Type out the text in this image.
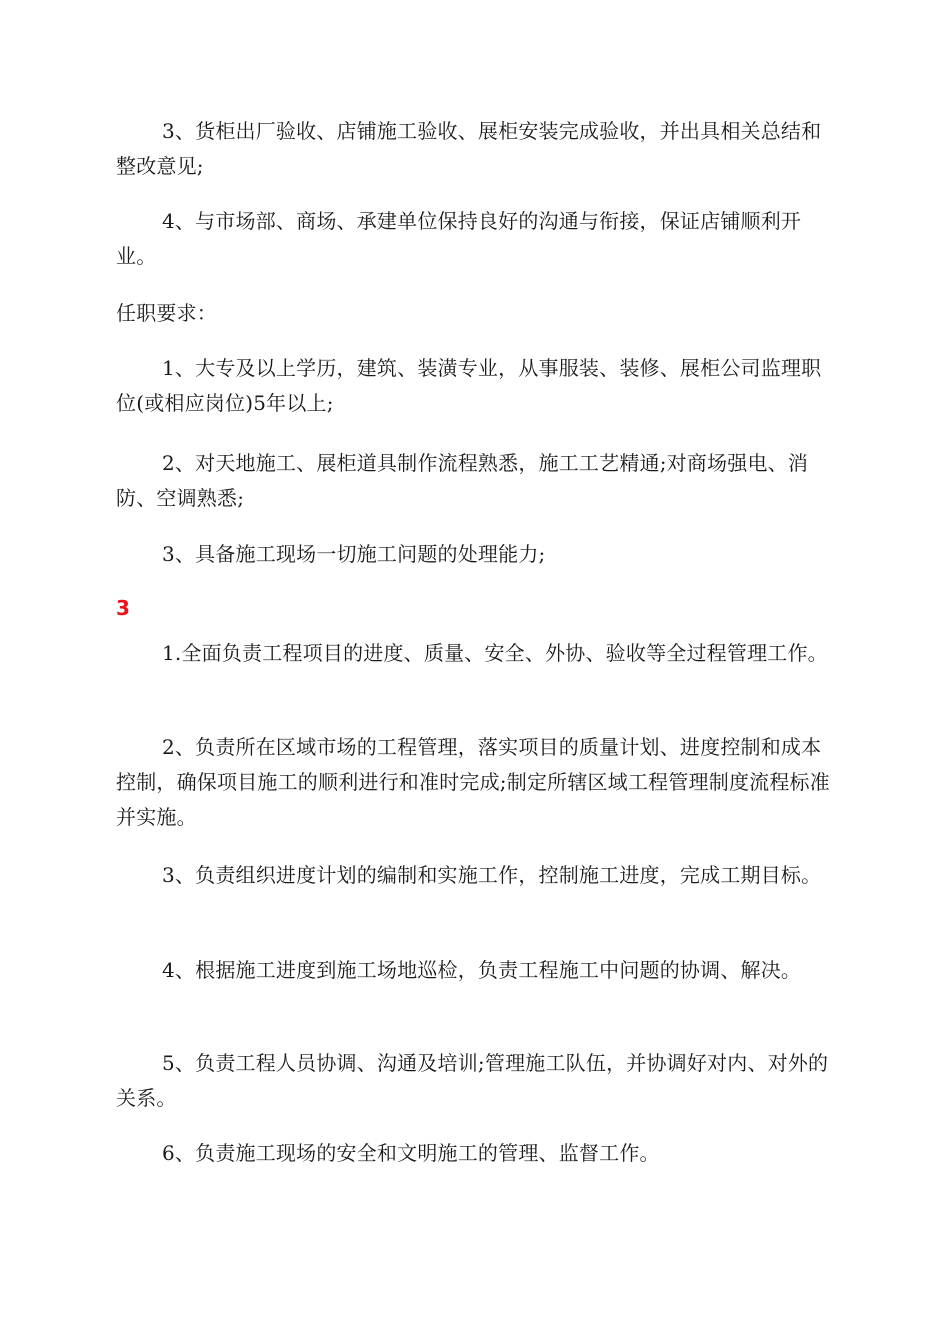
3、货柜出厂验收、店铺施工验收、展柜安装完成验收，并出具相关总结和整改意见;

4、与市场部、商场、承建单位保持良好的沟通与衔接，保证店铺顺利开业。

任职要求：

1、大专及以上学历，建筑、装潢专业，从事服装、装修、展柜公司监理职位(或相应岗位)5年以上;

2、对天地施工、展柜道具制作流程熟悉，施工工艺精通;对商场强电、消防、空调熟悉;

3、具备施工现场一切施工问题的处理能力;

3

1.全面负责工程项目的进度、质量、安全、外协、验收等全过程管理工作。

2、负责所在区域市场的工程管理，落实项目的质量计划、进度控制和成本控制，确保项目施工的顺利进行和准时完成;制定所辖区域工程管理制度流程标准并实施。

3、负责组织进度计划的编制和实施工作，控制施工进度，完成工期目标。

4、根据施工进度到施工场地巡检，负责工程施工中问题的协调、解决。

5、负责工程人员协调、沟通及培训;管理施工队伍，并协调好对内、对外的关系。

6、负责施工现场的安全和文明施工的管理、监督工作。
